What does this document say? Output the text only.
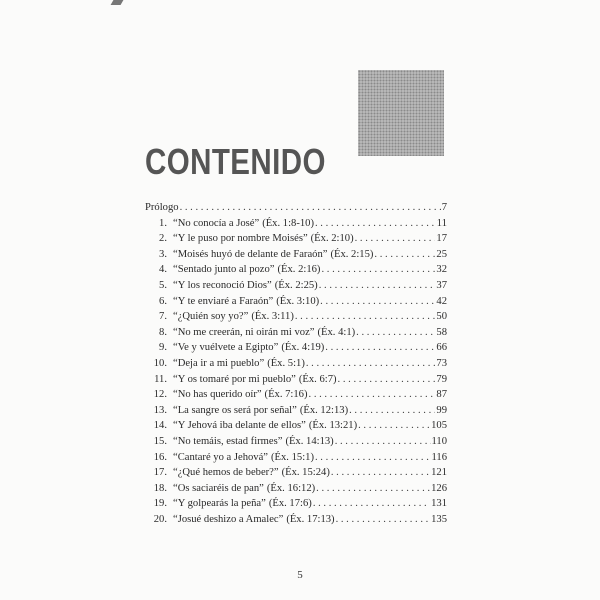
CONTENIDO
Prólogo . . .	7
1. “No conocía a José” (Éx. 1:8-10) . . .	11
2. “Y le puso por nombre Moisés” (Éx. 2:10) . . .	17
3. “Moisés huyó de delante de Faraón” (Éx. 2:15) . . .	25
4. “Sentado junto al pozo” (Éx. 2:16) . . .	32
5. “Y los reconoció Dios” (Éx. 2:25) . . .	37
6. “Y te enviaré a Faraón” (Éx. 3:10) . . .	42
7. “¿Quién soy yo?” (Éx. 3:11) . . .	50
8. “No me creerán, ni oirán mi voz” (Éx. 4:1) . . .	58
9. “Ve y vuélvete a Egipto” (Éx. 4:19) . . .	66
10. “Deja ir a mi pueblo” (Éx. 5:1) . . .	73
11. “Y os tomaré por mi pueblo” (Éx. 6:7) . . .	79
12. “No has querido oír” (Éx. 7:16) . . .	87
13. “La sangre os será por señal” (Éx. 12:13) . . .	99
14. “Y Jehová iba delante de ellos” (Éx. 13:21) . . .	105
15. “No temáis, estad firmes” (Éx. 14:13) . . .	110
16. “Cantaré yo a Jehová” (Éx. 15:1) . . .	116
17. “¿Qué hemos de beber?” (Éx. 15:24) . . .	121
18. “Os saciaréis de pan” (Éx. 16:12) . . .	126
19. “Y golpearás la peña” (Éx. 17:6) . . .	131
20. “Josué deshizo a Amalec” (Éx. 17:13) . . .	135
5
